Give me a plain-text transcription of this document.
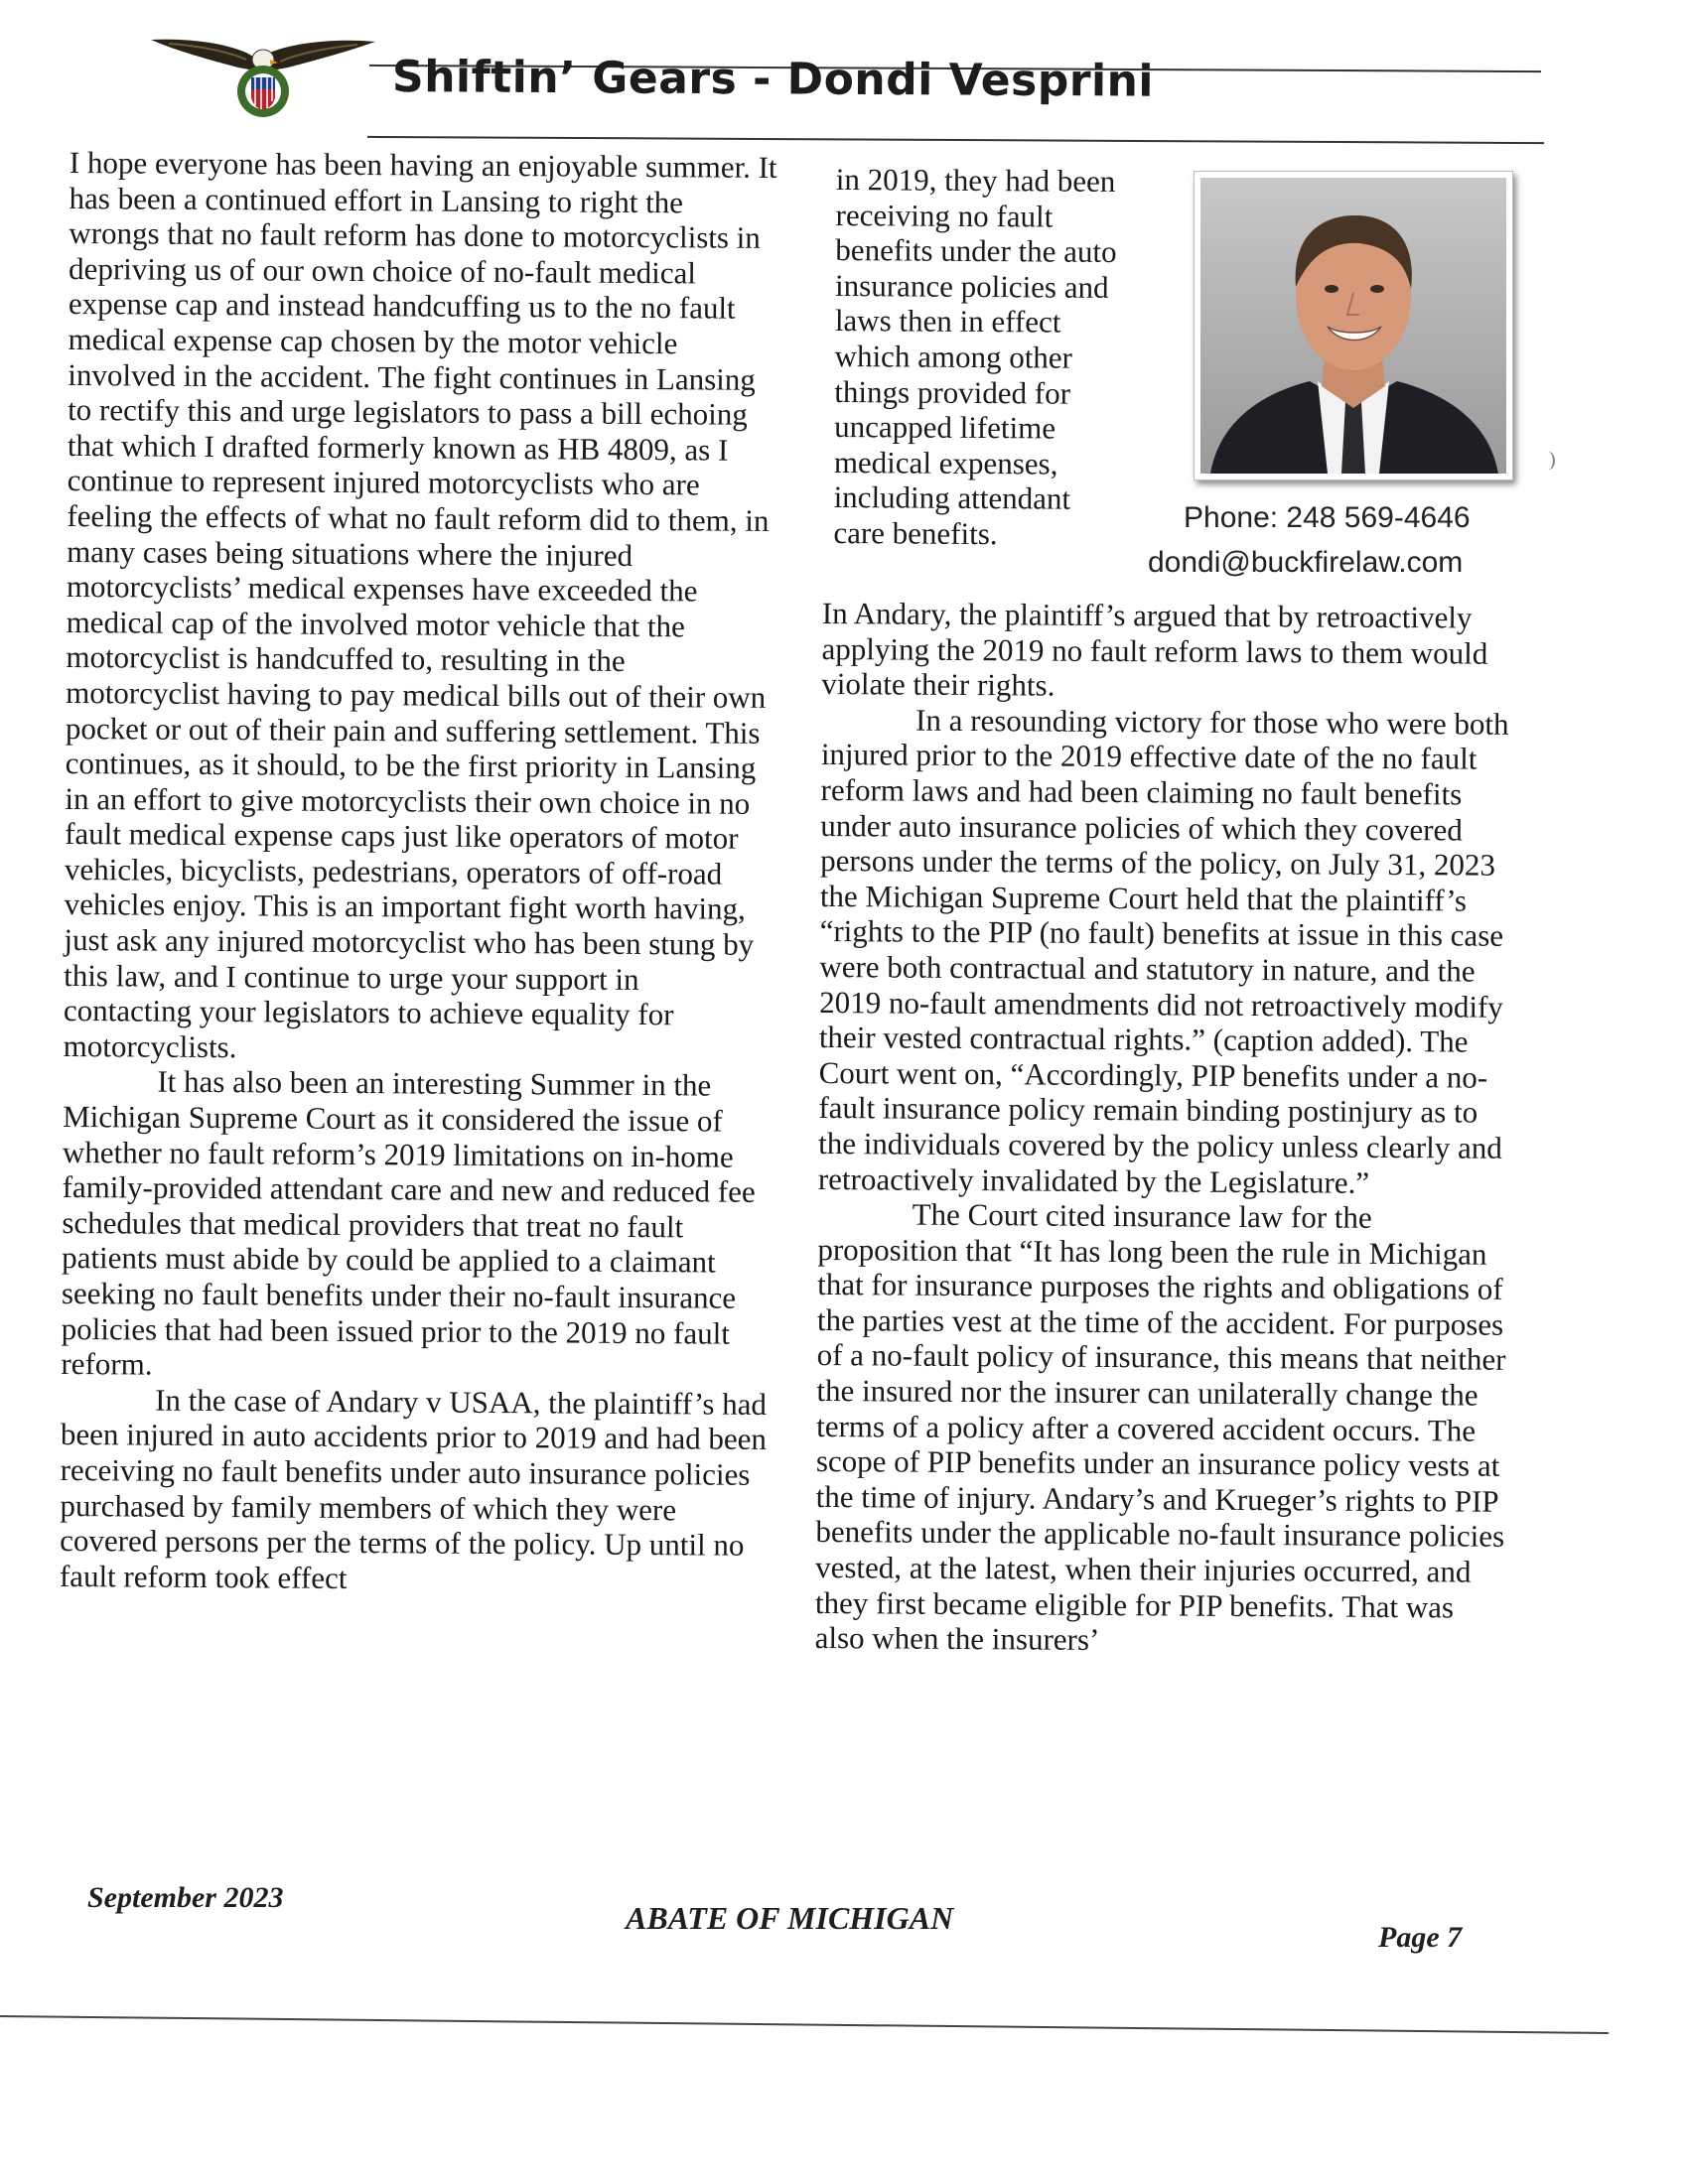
Shiftin’ Gears - Dondi Vesprini

I hope everyone has been having an enjoyable summer. It has been a continued effort in Lansing to right the wrongs that no fault reform has done to motorcyclists in depriving us of our own choice of no-fault medical expense cap and instead handcuffing us to the no fault medical expense cap chosen by the motor vehicle involved in the accident. The fight continues in Lansing to rectify this and urge legislators to pass a bill echoing that which I drafted formerly known as HB 4809, as I continue to represent injured motorcyclists who are feeling the effects of what no fault reform did to them, in many cases being situations where the injured motorcyclists’ medical expenses have exceeded the medical cap of the involved motor vehicle that the motorcyclist is handcuffed to, resulting in the motorcyclist having to pay medical bills out of their own pocket or out of their pain and suffering settlement. This continues, as it should, to be the first priority in Lansing in an effort to give motorcyclists their own choice in no fault medical expense caps just like operators of motor vehicles, bicyclists, pedestrians, operators of off-road vehicles enjoy. This is an important fight worth having, just ask any injured motorcyclist who has been stung by this law, and I continue to urge your support in contacting your legislators to achieve equality for motorcyclists.

It has also been an interesting Summer in the Michigan Supreme Court as it considered the issue of whether no fault reform’s 2019 limitations on in-home family-provided attendant care and new and reduced fee schedules that medical providers that treat no fault patients must abide by could be applied to a claimant seeking no fault benefits under their no-fault insurance policies that had been issued prior to the 2019 no fault reform.

In the case of Andary v USAA, the plaintiff’s had been injured in auto accidents prior to 2019 and had been receiving no fault benefits under auto insurance policies purchased by family members of which they were covered persons per the terms of the policy. Up until no fault reform took effect

in 2019, they had been receiving no fault benefits under the auto insurance policies and laws then in effect which among other things provided for uncapped lifetime medical expenses, including attendant care benefits.	Phone: 248 569-4646
dondi@buckfirelaw.com

In Andary, the plaintiff’s argued that by retroactively applying the 2019 no fault reform laws to them would violate their rights.

In a resounding victory for those who were both injured prior to the 2019 effective date of the no fault reform laws and had been claiming no fault benefits under auto insurance policies of which they covered persons under the terms of the policy, on July 31, 2023 the Michigan Supreme Court held that the plaintiff’s “rights to the PIP (no fault) benefits at issue in this case were both contractual and statutory in nature, and the 2019 no-fault amendments did not retroactively modify their vested contractual rights.” (caption added). The Court went on, “Accordingly, PIP benefits under a no-fault insurance policy remain binding postinjury as to the individuals covered by the policy unless clearly and retroactively invalidated by the Legislature.”

The Court cited insurance law for the proposition that “It has long been the rule in Michigan that for insurance purposes the rights and obligations of the parties vest at the time of the accident. For purposes of a no-fault policy of insurance, this means that neither the insured nor the insurer can unilaterally change the terms of a policy after a covered accident occurs. The scope of PIP benefits under an insurance policy vests at the time of injury. Andary’s and Krueger’s rights to PIP benefits under the applicable no-fault insurance policies vested, at the latest, when their injuries occurred, and they first became eligible for PIP benefits. That was also when the insurers’

)
September 2023
ABATE OF MICHIGAN
Page 7
